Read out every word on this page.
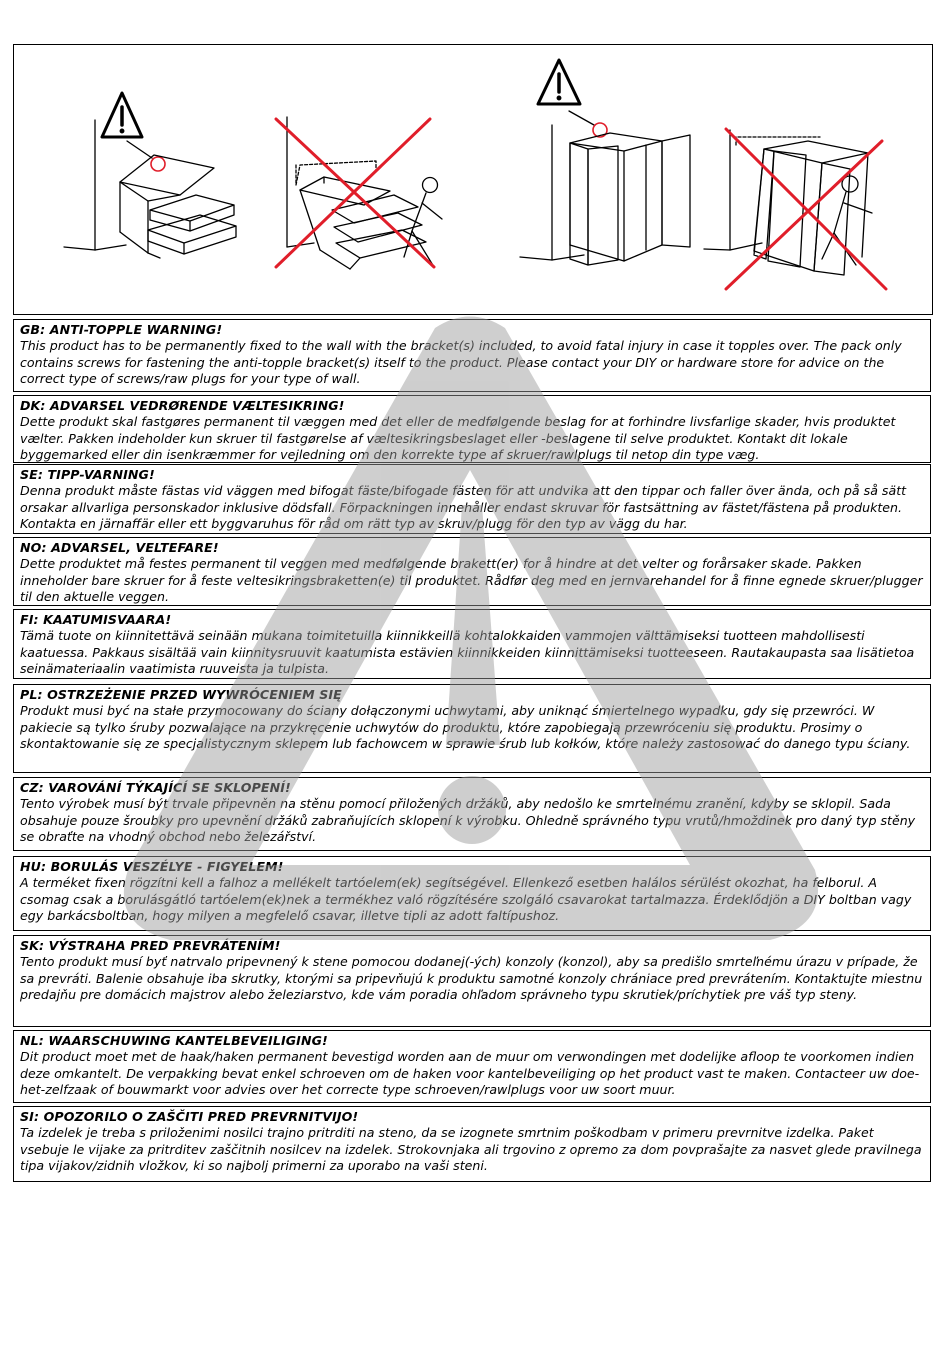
GB: ANTI-TOPPLE WARNING!

This product has to be permanently fixed to the wall with the bracket(s) included, to avoid fatal injury in case it topples over. The pack only contains screws for fastening the anti-topple bracket(s) itself to the product. Please contact your DIY or hardware store for advice on the correct type of screws/raw plugs for your type of wall.

DK: ADVARSEL VEDRØRENDE VÆLTESIKRING!

Dette produkt skal fastgøres permanent til væggen med det eller de medfølgende beslag for at forhindre livsfarlige skader, hvis produktet vælter. Pakken indeholder kun skruer til fastgørelse af væltesikringsbeslaget eller -beslagene til selve produktet. Kontakt dit lokale byggemarked eller din isenkræmmer for vejledning om den korrekte type af skruer/rawlplugs til netop din type væg.

SE: TIPP-VARNING!

Denna produkt måste fästas vid väggen med bifogat fäste/bifogade fästen för att undvika att den tippar och faller över ända, och på så sätt orsakar allvarliga personskador inklusive dödsfall. Förpackningen innehåller endast skruvar för fastsättning av fästet/fästena på produkten. Kontakta en järnaffär eller ett byggvaruhus för råd om rätt typ av skruv/plugg för den typ av vägg du har.

NO: ADVARSEL, VELTEFARE!

Dette produktet må festes permanent til veggen med medfølgende brakett(er) for å hindre at det velter og forårsaker skade. Pakken inneholder bare skruer for å feste veltesikringsbraketten(e) til produktet. Rådfør deg med en jernvarehandel for å finne egnede skruer/plugger til den aktuelle veggen.

FI: KAATUMISVAARA!

Tämä tuote on kiinnitettävä seinään mukana toimitetuilla kiinnikkeillä kohtalokkaiden vammojen välttämiseksi tuotteen mahdollisesti kaatuessa. Pakkaus sisältää vain kiinnitysruuvit kaatumista estävien kiinnikkeiden kiinnittämiseksi tuotteeseen. Rautakaupasta saa lisätietoa seinämateriaalin vaatimista ruuveista ja tulpista.

PL: OSTRZEŻENIE PRZED WYWRÓCENIEM SIĘ

Produkt musi być na stałe przymocowany do ściany dołączonymi uchwytami, aby uniknąć śmiertelnego wypadku, gdy się przewróci. W pakiecie są tylko śruby pozwalające na przykręcenie uchwytów do produktu, które zapobiegają przewróceniu się produktu. Prosimy o skontaktowanie się ze specjalistycznym sklepem lub fachowcem w sprawie śrub lub kołków, które należy zastosować do danego typu ściany.

CZ: VAROVÁNÍ TÝKAJÍCÍ SE SKLOPENÍ!

Tento výrobek musí být trvale připevněn na stěnu pomocí přiložených držáků, aby nedošlo ke smrtelnému zranění, kdyby se sklopil. Sada obsahuje pouze šroubky pro upevnění držáků zabraňujících sklopení k výrobku. Ohledně správného typu vrutů/hmoždinek pro daný typ stěny se obraťte na vhodný obchod nebo železářství.

HU: BORULÁS VESZÉLYE - FIGYELEM!

A terméket fixen rögzítni kell a falhoz a mellékelt tartóelem(ek) segítségével. Ellenkező esetben halálos sérülést okozhat, ha felborul. A csomag csak a borulásgátló tartóelem(ek)nek a termékhez való rögzítésére szolgáló csavarokat tartalmazza. Érdeklődjön a DIY boltban vagy egy barkácsboltban, hogy milyen a megfelelő csavar, illetve tipli az adott faltípushoz.

SK: VÝSTRAHA PRED PREVRÁTENÍM!

Tento produkt musí byť natrvalo pripevnený k stene pomocou dodanej(-ých) konzoly (konzol), aby sa predišlo smrteľnému úrazu v prípade, že sa prevráti. Balenie obsahuje iba skrutky, ktorými sa pripevňujú k produktu samotné konzoly chrániace pred prevrátením. Kontaktujte miestnu predajňu pre domácich majstrov alebo železiarstvo, kde vám poradia ohľadom správneho typu skrutiek/príchytiek pre váš typ steny.

NL: WAARSCHUWING KANTELBEVEILIGING!

Dit product moet met de haak/haken permanent bevestigd worden aan de muur om verwondingen met dodelijke afloop te voorkomen indien deze omkantelt. De verpakking bevat enkel schroeven om de haken voor kantelbeveiliging op het product vast te maken. Contacteer uw doe-het-zelfzaak of bouwmarkt voor advies over het correcte type schroeven/rawlplugs voor uw soort muur.

SI: OPOZORILO O ZAŠČITI PRED PREVRNITVIJO!

Ta izdelek je treba s priloženimi nosilci trajno pritrditi na steno, da se izognete smrtnim poškodbam v primeru prevrnitve izdelka. Paket vsebuje le vijake za pritrditev zaščitnih nosilcev na izdelek. Strokovnjaka ali trgovino z opremo za dom povprašajte za nasvet glede pravilnega tipa vijakov/zidnih vložkov, ki so najbolj primerni za uporabo na vaši steni.
